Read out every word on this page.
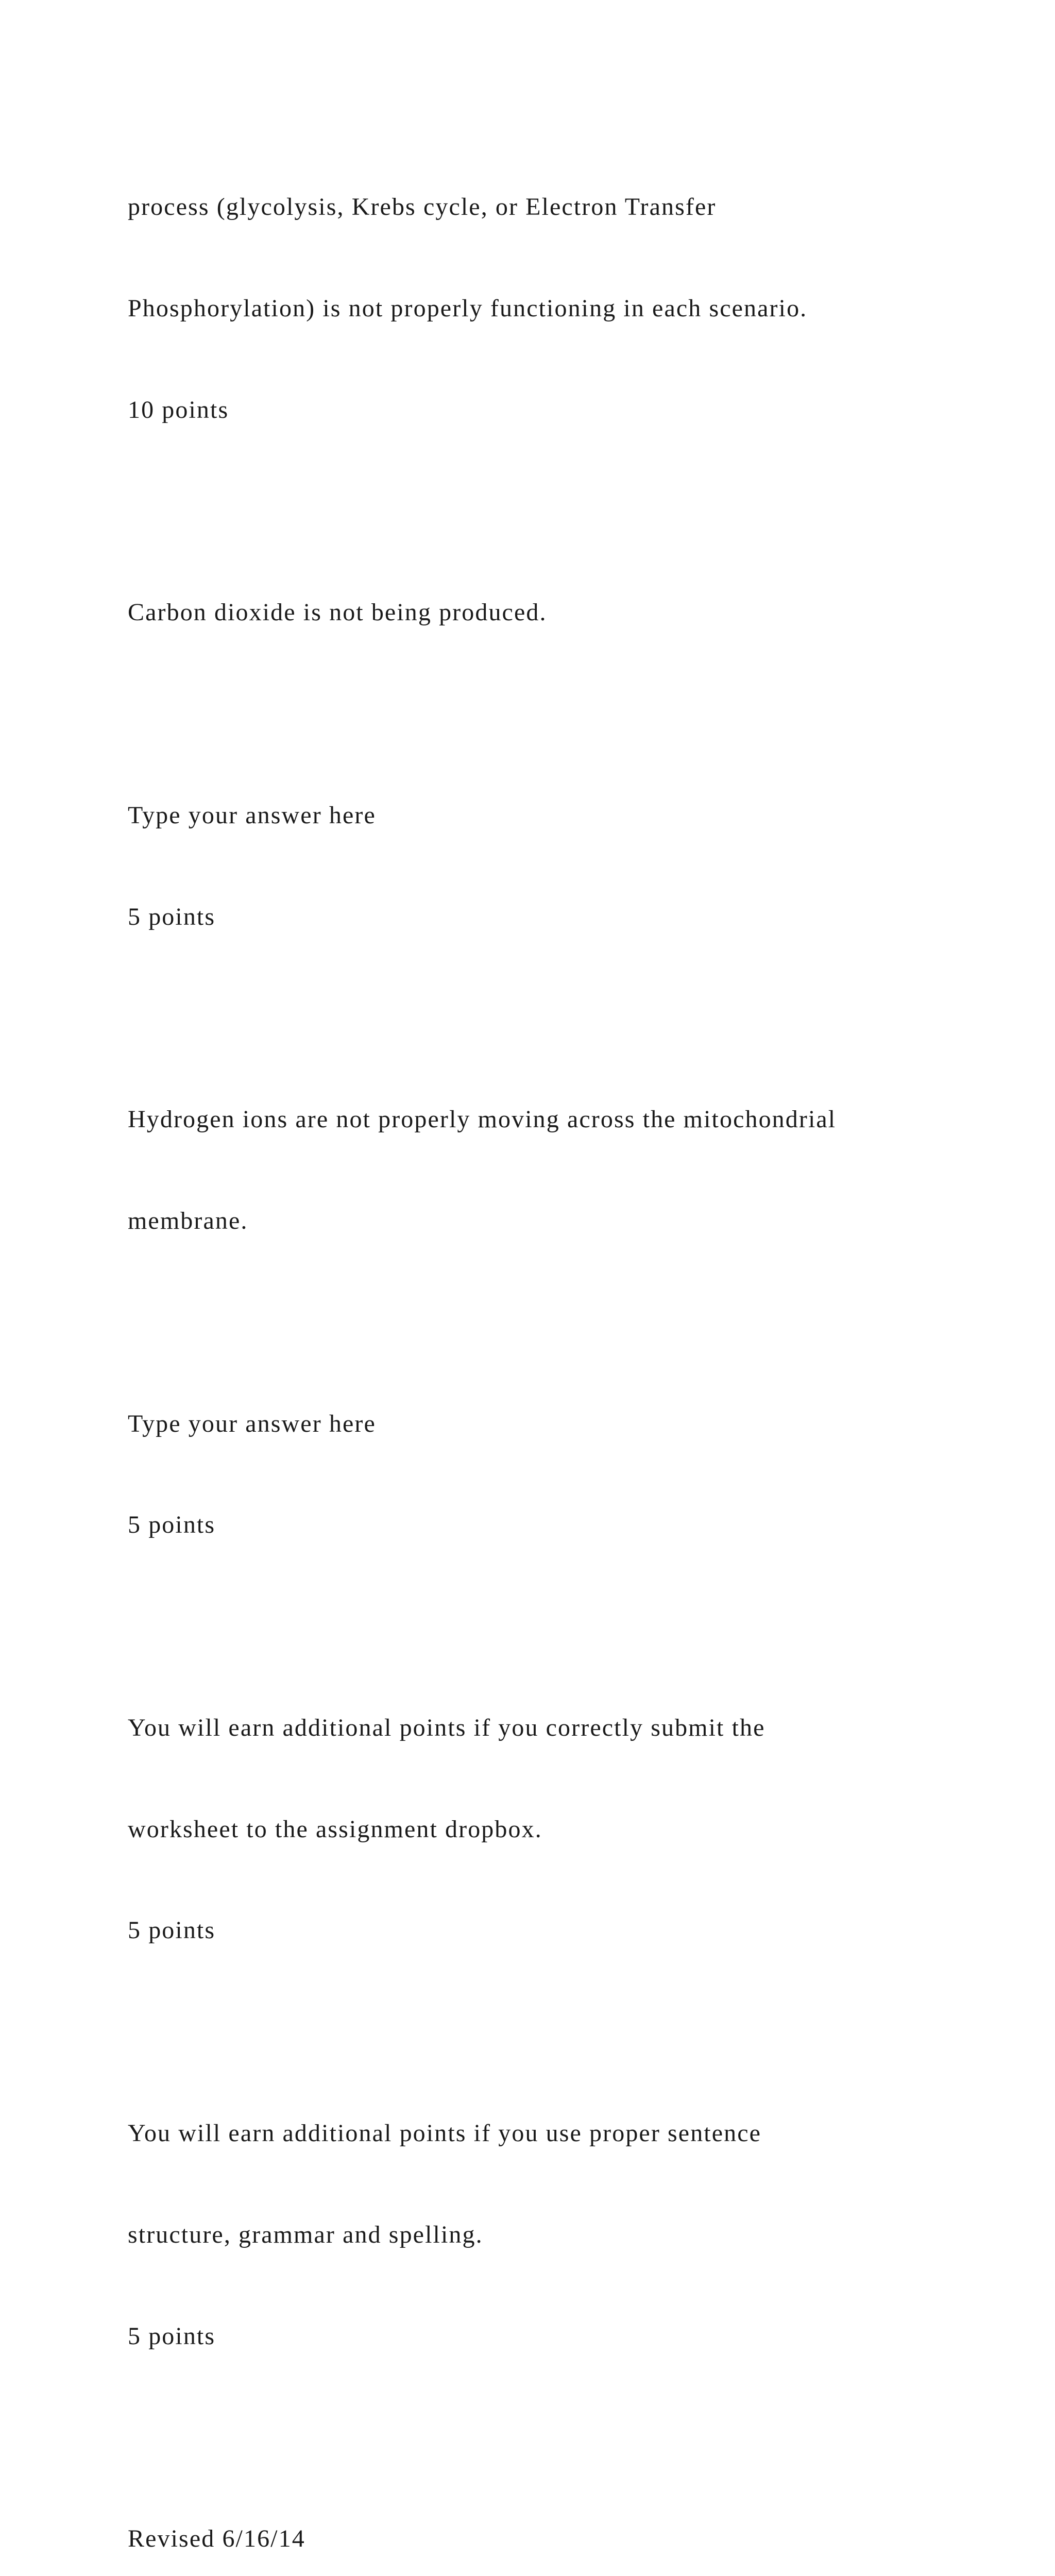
process (glycolysis, Krebs cycle, or Electron Transfer

Phosphorylation) is not properly functioning in each scenario.

10 points

Carbon dioxide is not being produced.

Type your answer here

5 points

Hydrogen ions are not properly moving across the mitochondrial

membrane.

Type your answer here

5 points

You will earn additional points if you correctly submit the

worksheet to the assignment dropbox.

5 points

You will earn additional points if you use proper sentence

structure, grammar and spelling.

5 points

Revised 6/16/14
